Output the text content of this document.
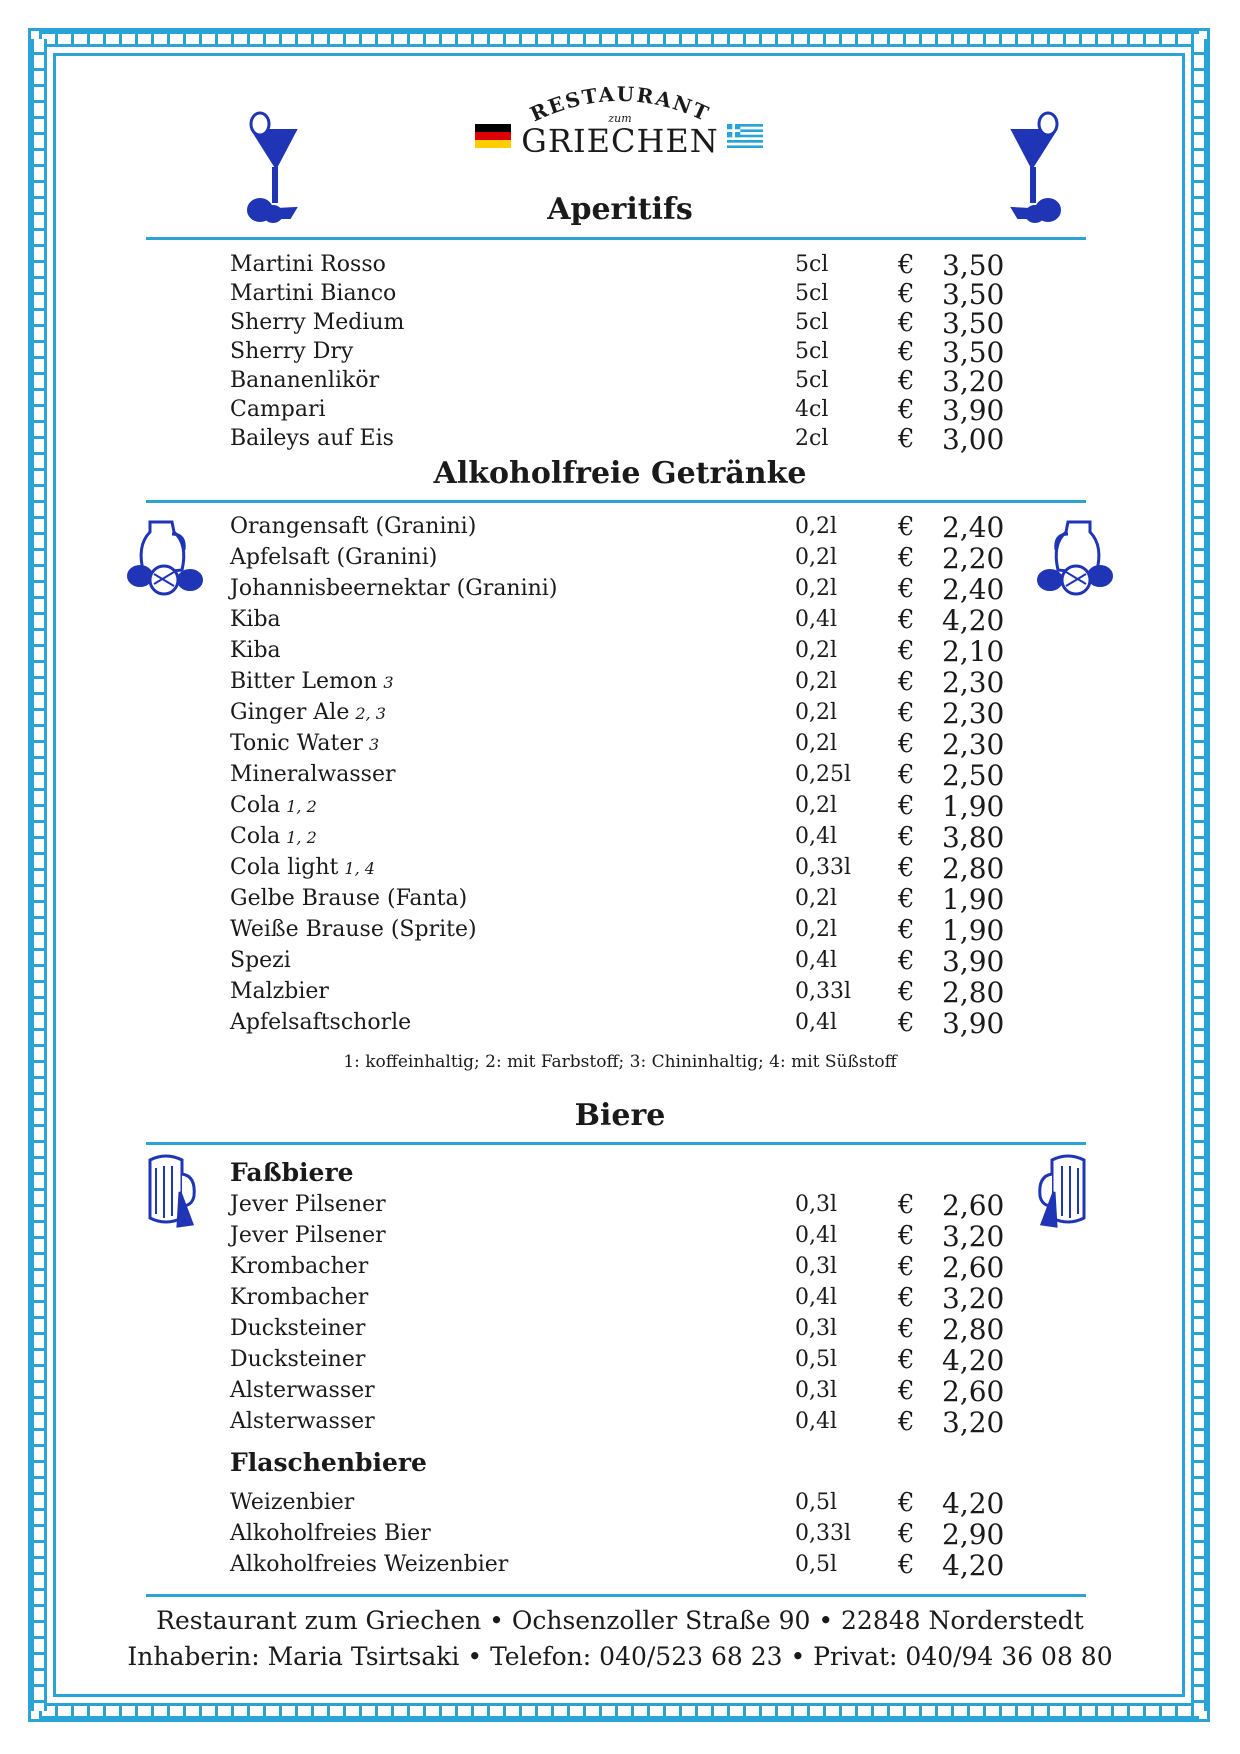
RESTAURANT
zum
GRIECHEN
Aperitifs
Martini Rosso	5cl	€ 3,50
Martini Bianco	5cl	€ 3,50
Sherry Medium	5cl	€ 3,50
Sherry Dry	5cl	€ 3,50
Bananenlikör	5cl	€ 3,20
Campari	4cl	€ 3,90
Baileys auf Eis	2cl	€ 3,00
Alkoholfreie Getränke
Orangensaft (Granini)	0,2l € 2,40
Apfelsaft (Granini)	0,2l € 2,20
Johannisbeernektar (Granini)	0,2l € 2,40
Kiba	0,4l € 4,20
Kiba	0,2l € 2,10
Bitter Lemon 3	0,2l € 2,30
Ginger Ale 2, 3	0,2l € 2,30
Tonic Water 3	0,2l € 2,30
Mineralwasser	0,25l € 2,50
Cola 1, 2	0,2l € 1,90
Cola 1, 2	0,4l € 3,80
Cola light 1, 4	0,33l € 2,80
Gelbe Brause (Fanta)	0,2l € 1,90
Weiße Brause (Sprite)	0,2l € 1,90
Spezi	0,4l € 3,90
Malzbier	0,33l € 2,80
Apfelsaftschorle	0,4l € 3,90
1: koffeinhaltig; 2: mit Farbstoff; 3: Chininhaltig; 4: mit Süßstoff
Biere
Faßbiere
Jever Pilsener	0,3l € 2,60
Jever Pilsener	0,4l € 3,20
Krombacher	0,3l € 2,60
Krombacher	0,4l € 3,20
Ducksteiner	0,3l € 2,80
Ducksteiner	0,5l € 4,20
Alsterwasser	0,3l € 2,60
Alsterwasser	0,4l € 3,20
Flaschenbiere
Weizenbier	0,5l € 4,20
Alkoholfreies Bier	0,33l € 2,90
Alkoholfreies Weizenbier	0,5l € 4,20
Restaurant zum Griechen • Ochsenzoller Straße 90 • 22848 Norderstedt
Inhaberin: Maria Tsirtsaki • Telefon: 040/523 68 23 • Privat: 040/94 36 08 80
